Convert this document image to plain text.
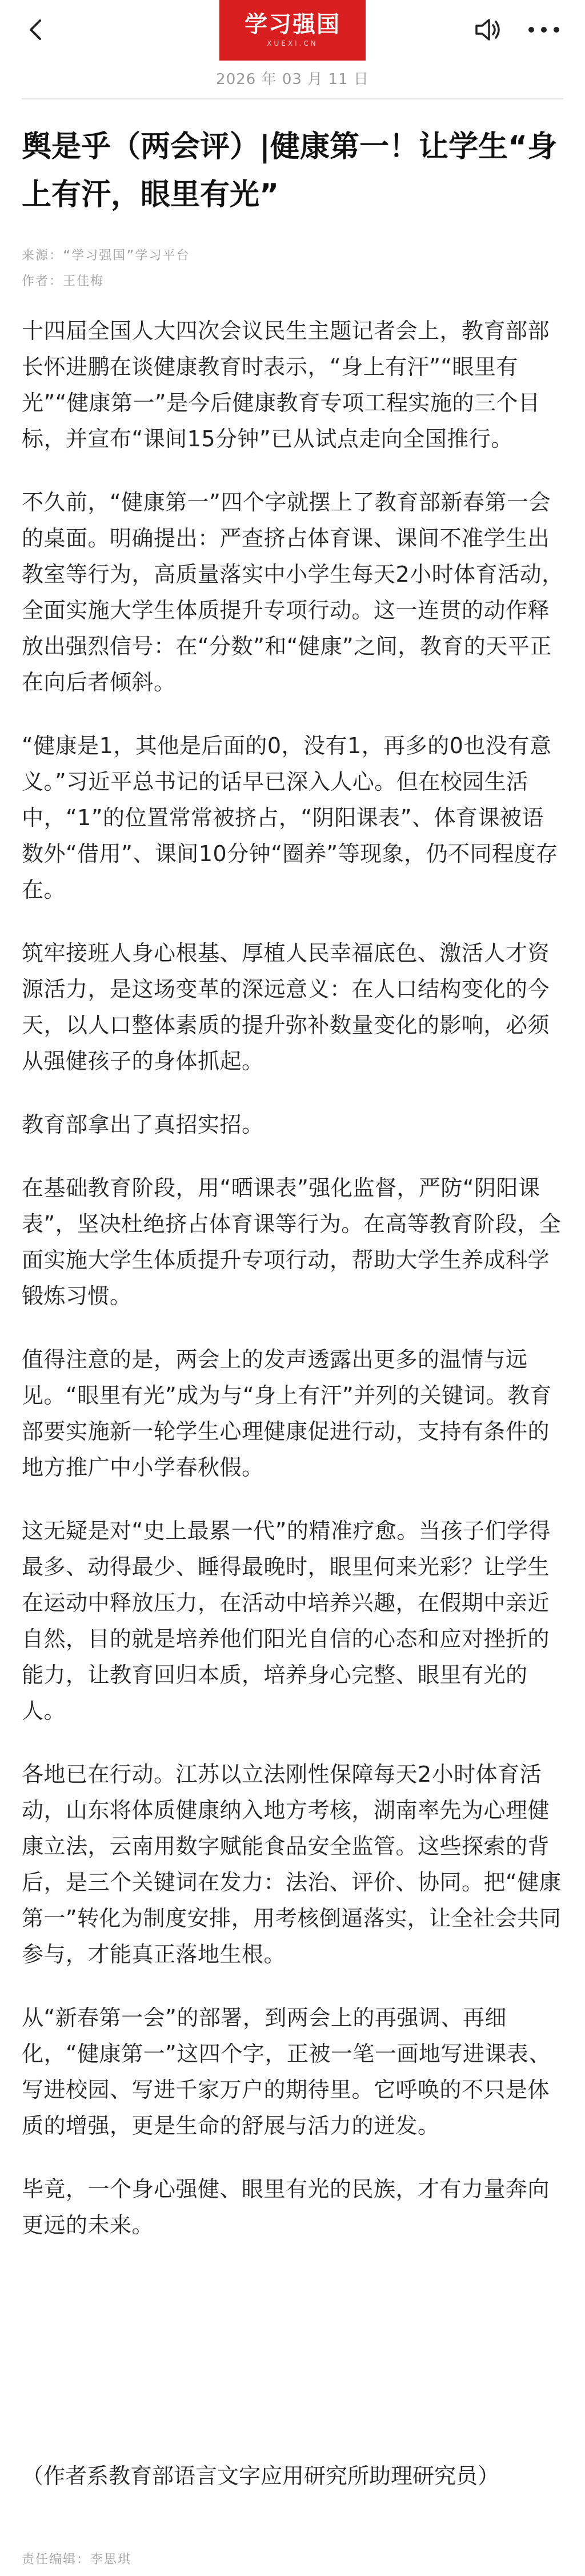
学习强国
XUEXI.CN
2026 年 03 月 11 日
舆是乎（两会评）|健康第一！让学生“身上有汗，眼里有光”
来源：“学习强国”学习平台
作者：王佳梅

十四届全国人大四次会议民生主题记者会上，教育部部长怀进鹏在谈健康教育时表示，“身上有汗”“眼里有光”“健康第一”是今后健康教育专项工程实施的三个目标，并宣布“课间15分钟”已从试点走向全国推行。

不久前，“健康第一”四个字就摆上了教育部新春第一会的桌面。明确提出：严查挤占体育课、课间不准学生出教室等行为，高质量落实中小学生每天2小时体育活动，全面实施大学生体质提升专项行动。这一连贯的动作释放出强烈信号：在“分数”和“健康”之间，教育的天平正在向后者倾斜。

“健康是1，其他是后面的0，没有1，再多的0也没有意义。”习近平总书记的话早已深入人心。但在校园生活中，“1”的位置常常被挤占，“阴阳课表”、体育课被语数外“借用”、课间10分钟“圈养”等现象，仍不同程度存在。

筑牢接班人身心根基、厚植人民幸福底色、激活人才资源活力，是这场变革的深远意义：在人口结构变化的今天，以人口整体素质的提升弥补数量变化的影响，必须从强健孩子的身体抓起。

教育部拿出了真招实招。

在基础教育阶段，用“晒课表”强化监督，严防“阴阳课表”，坚决杜绝挤占体育课等行为。在高等教育阶段，全面实施大学生体质提升专项行动，帮助大学生养成科学锻炼习惯。

值得注意的是，两会上的发声透露出更多的温情与远见。“眼里有光”成为与“身上有汗”并列的关键词。教育部要实施新一轮学生心理健康促进行动，支持有条件的地方推广中小学春秋假。

这无疑是对“史上最累一代”的精准疗愈。当孩子们学得最多、动得最少、睡得最晚时，眼里何来光彩？让学生在运动中释放压力，在活动中培养兴趣，在假期中亲近自然，目的就是培养他们阳光自信的心态和应对挫折的能力，让教育回归本质，培养身心完整、眼里有光的人。

各地已在行动。江苏以立法刚性保障每天2小时体育活动，山东将体质健康纳入地方考核，湖南率先为心理健康立法，云南用数字赋能食品安全监管。这些探索的背后，是三个关键词在发力：法治、评价、协同。把“健康第一”转化为制度安排，用考核倒逼落实，让全社会共同参与，才能真正落地生根。

从“新春第一会”的部署，到两会上的再强调、再细化，“健康第一”这四个字，正被一笔一画地写进课表、写进校园、写进千家万户的期待里。它呼唤的不只是体质的增强，更是生命的舒展与活力的迸发。

毕竟，一个身心强健、眼里有光的民族，才有力量奔向更远的未来。

（作者系教育部语言文字应用研究所助理研究员）
责任编辑：李思琪
